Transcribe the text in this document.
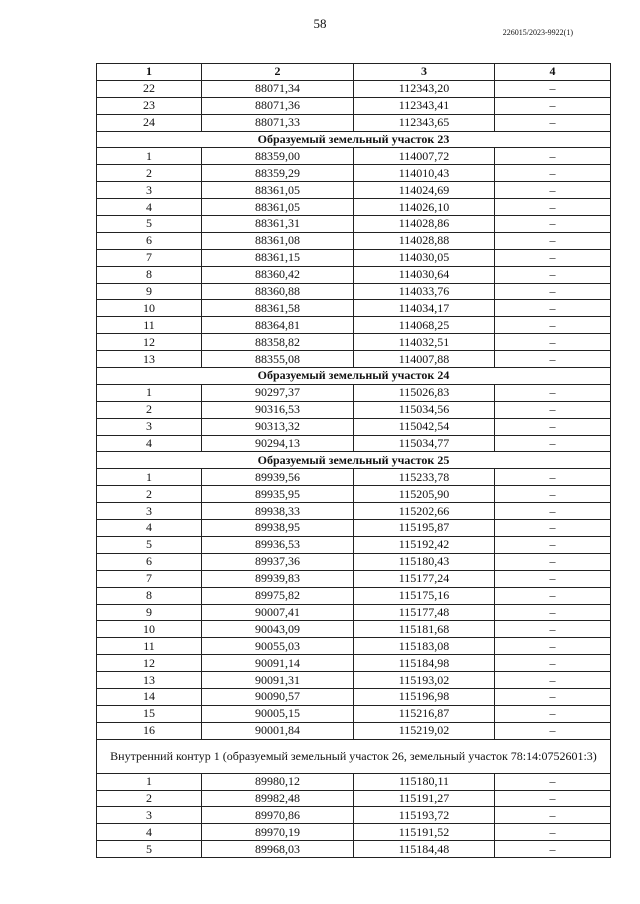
58
226015/2023-9922(1)
1	2	3	4
22	88071,34	112343,20	–
23	88071,36	112343,41	–
24	88071,33	112343,65	–
Образуемый земельный участок 23			
1	88359,00	114007,72	–
2	88359,29	114010,43	–
3	88361,05	114024,69	–
4	88361,05	114026,10	–
5	88361,31	114028,86	–
6	88361,08	114028,88	–
7	88361,15	114030,05	–
8	88360,42	114030,64	–
9	88360,88	114033,76	–
10	88361,58	114034,17	–
11	88364,81	114068,25	–
12	88358,82	114032,51	–
13	88355,08	114007,88	–
Образуемый земельный участок 24			
1	90297,37	115026,83	–
2	90316,53	115034,56	–
3	90313,32	115042,54	–
4	90294,13	115034,77	–
Образуемый земельный участок 25			
1	89939,56	115233,78	–
2	89935,95	115205,90	–
3	89938,33	115202,66	–
4	89938,95	115195,87	–
5	89936,53	115192,42	–
6	89937,36	115180,43	–
7	89939,83	115177,24	–
8	89975,82	115175,16	–
9	90007,41	115177,48	–
10	90043,09	115181,68	–
11	90055,03	115183,08	–
12	90091,14	115184,98	–
13	90091,31	115193,02	–
14	90090,57	115196,98	–
15	90005,15	115216,87	–
16	90001,84	115219,02	–
Внутренний контур 1 (образуемый земельный участок 26, земельный участок 78:14:0752601:3)			
1	89980,12	115180,11	–
2	89982,48	115191,27	–
3	89970,86	115193,72	–
4	89970,19	115191,52	–
5	89968,03	115184,48	–
